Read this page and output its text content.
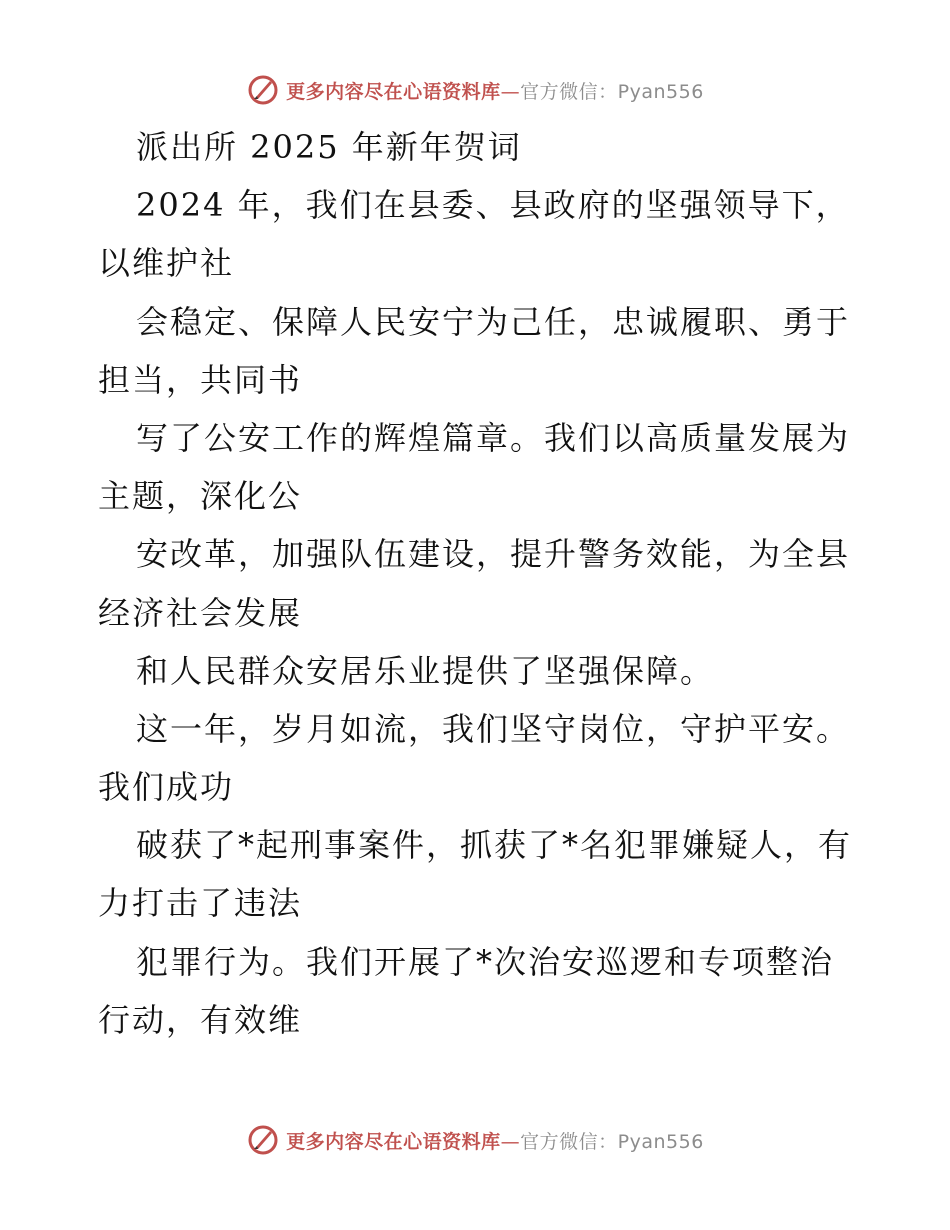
更多内容尽在心语资料库—官方微信：Pyan556
派出所 2025 年新年贺词
2024 年，我们在县委、县政府的坚强领导下，
以维护社
会稳定、保障人民安宁为己任，忠诚履职、勇于
担当，共同书
写了公安工作的辉煌篇章。我们以高质量发展为
主题，深化公
安改革，加强队伍建设，提升警务效能，为全县
经济社会发展
和人民群众安居乐业提供了坚强保障。
这一年，岁月如流，我们坚守岗位，守护平安。
我们成功
破获了*起刑事案件，抓获了*名犯罪嫌疑人，有
力打击了违法
犯罪行为。我们开展了*次治安巡逻和专项整治
行动，有效维
更多内容尽在心语资料库—官方微信：Pyan556
